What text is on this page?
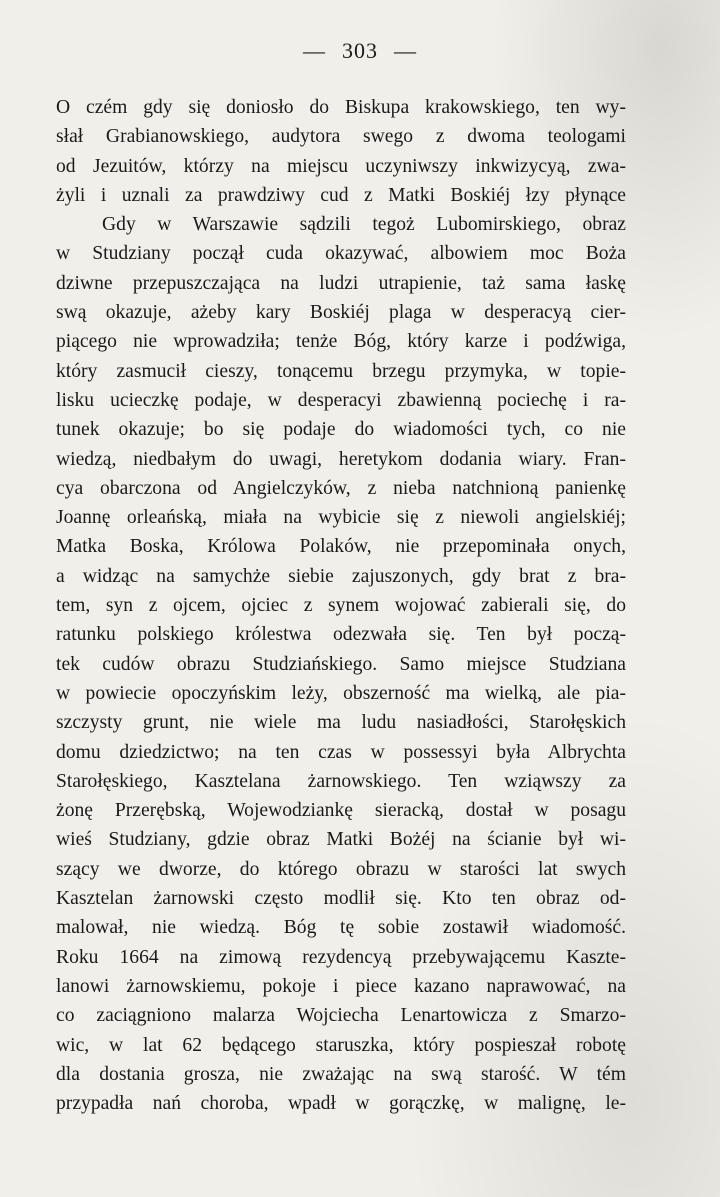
— 303 —
O czém gdy się doniosło do Biskupa krakowskiego, ten wy-
słał Grabianowskiego, audytora swego z dwoma teologami
od Jezuitów, którzy na miejscu uczyniwszy inkwizycyą, zwa-
żyli i uznali za prawdziwy cud z Matki Boskiéj łzy płynące
Gdy w Warszawie sądzili tegoż Lubomirskiego, obraz
w Studziany począł cuda okazywać, albowiem moc Boża
dziwne przepuszczająca na ludzi utrapienie, taż sama łaskę
swą okazuje, ażeby kary Boskiéj plaga w desperacyą cier-
piącego nie wprowadziła; tenże Bóg, który karze i podźwiga,
który zasmucił cieszy, tonącemu brzegu przymyka, w topie-
lisku ucieczkę podaje, w desperacyi zbawienną pociechę i ra-
tunek okazuje; bo się podaje do wiadomości tych, co nie
wiedzą, niedbałym do uwagi, heretykom dodania wiary. Fran-
cya obarczona od Angielczyków, z nieba natchnioną panienkę
Joannę orleańską, miała na wybicie się z niewoli angielskiéj;
Matka Boska, Królowa Polaków, nie przepominała onych,
a widząc na samychże siebie zajuszonych, gdy brat z bra-
tem, syn z ojcem, ojciec z synem wojować zabierali się, do
ratunku polskiego królestwa odezwała się. Ten był począ-
tek cudów obrazu Studziańskiego. Samo miejsce Studziana
w powiecie opoczyńskim leży, obszerność ma wielką, ale pia-
szczysty grunt, nie wiele ma ludu nasiadłości, Starołęskich
domu dziedzictwo; na ten czas w possessyi była Albrychta
Starołęskiego, Kasztelana żarnowskiego. Ten wziąwszy za
żonę Przerębską, Wojewodziankę sieracką, dostał w posagu
wieś Studziany, gdzie obraz Matki Bożéj na ścianie był wi-
szący we dworze, do którego obrazu w starości lat swych
Kasztelan żarnowski często modlił się. Kto ten obraz od-
malował, nie wiedzą. Bóg tę sobie zostawił wiadomość.
Roku 1664 na zimową rezydencyą przebywającemu Kaszte-
lanowi żarnowskiemu, pokoje i piece kazano naprawować, na
co zaciągniono malarza Wojciecha Lenartowicza z Smarzo-
wic, w lat 62 będącego staruszka, który pospieszał robotę
dla dostania grosza, nie zważając na swą starość. W tém
przypadła nań choroba, wpadł w gorączkę, w malignę, le-
